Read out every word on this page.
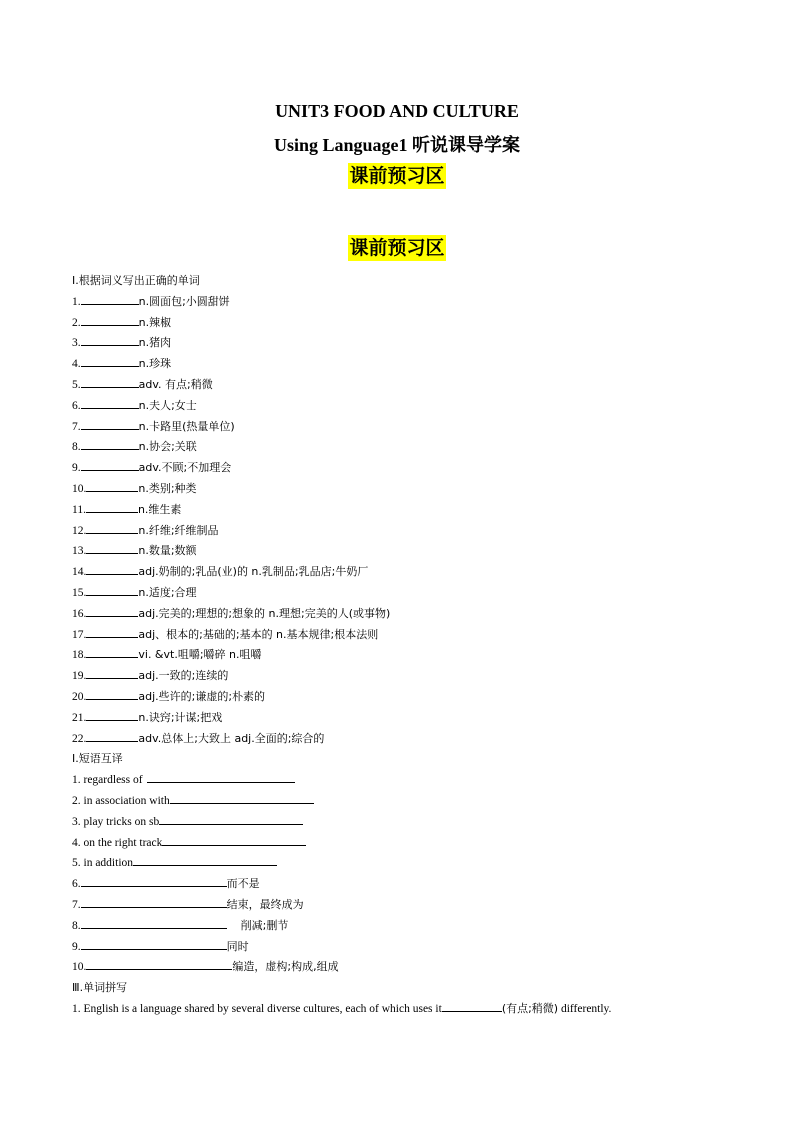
UNIT3 FOOD AND CULTURE
Using Language1 听说课导学案
课前预习区
课前预习区
I.根据词义写出正确的单词
1.	n.圆面包;小圆甜饼
2.	n.辣椒
3.	n.猪肉
4.	n.珍珠
5.	adv. 有点;稍微
6.	n.夫人;女士
7.	n.卡路里(热量单位)
8.	n.协会;关联
9.	adv.不顾;不加理会
10.	n.类别;种类
11.	n.维生素
12.	n.纤维;纤维制品
13.	n.数量;数额
14.	adj.奶制的;乳品(业)的 n.乳制品;乳品店;牛奶厂
15.	n.适度;合理
16.	adj.完美的;理想的;想象的 n.理想;完美的人(或事物)
17.	adj、根本的;基础的;基本的 n.基本规律;根本法则
18.	vi. &vt.咀嚼;嚼碎 n.咀嚼
19.	adj.一致的;连续的
20.	adj.些许的;谦虚的;朴素的
21.	n.诀窍;计谋;把戏
22.	adv.总体上;大致上 adj.全面的;综合的
I.短语互译
1. regardless of
2. in association with
3. play tricks on sb
4. on the right track
5. in addition
6.	而不是
7.	结束，最终成为
8.	削减;删节
9.	同时
10.	编造，虚构;构成,组成
Ⅲ.单词拼写
1. English is a language shared by several diverse cultures, each of which uses it	(有点;稍微) differently.
